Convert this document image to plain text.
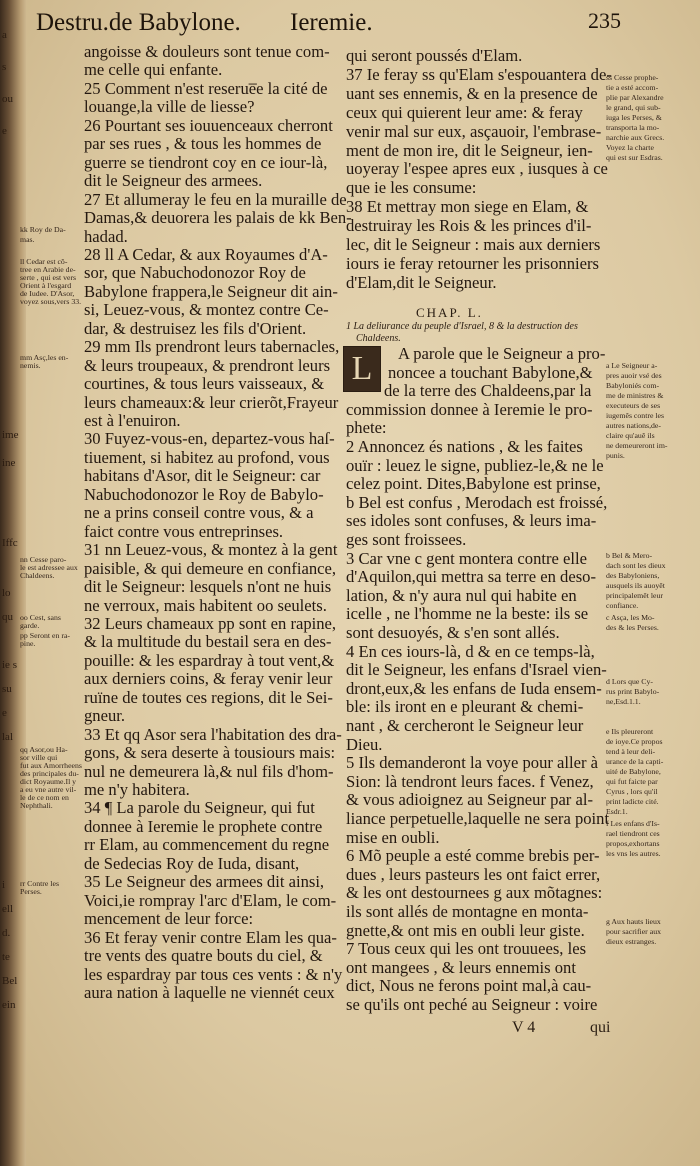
a
s
ou
e
ime
ine
Iffc
lo
qu
ie s
su
e
lal
i
ell
d.
te
Bel
ein
Destru.de Babylone. Ieremie.	235
angoisse & douleurs sont tenue com-
me celle qui enfante.
25 Comment n'est reserue̅e la cité de
louange,la ville de liesse?
26 Pourtant ses iouuenceaux cherront
par ses rues , & tous les hommes de
guerre se tiendront coy en ce iour-là,
dit le Seigneur des armees.
27 Et allumeray le feu en la muraille de
Damas,& deuorera les palais de kk Ben-
hadad.
28 ll A Cedar, & aux Royaumes d'A-
sor, que Nabuchodonozor Roy de
Babylone frappera,le Seigneur dit ain-
si, Leuez-vous, & montez contre Ce-
dar, & destruisez les fils d'Orient.
29 mm Ils prendront leurs tabernacles,
& leurs troupeaux, & prendront leurs
courtines, & tous leurs vaisseaux, &
leurs chameaux:& leur crierõt,Frayeur
est à l'enuiron.
30 Fuyez-vous-en, departez-vous haſ-
tiuement, si habitez au profond, vous
habitans d'Asor, dit le Seigneur: car
Nabuchodonozor le Roy de Babylo-
ne a prins conseil contre vous, & a
faict contre vous entreprinses.
31 nn Leuez-vous, & montez à la gent
paisible, & qui demeure en confiance,
dit le Seigneur: lesquels n'ont ne huis
ne verroux, mais habitent oo seulets.
32 Leurs chameaux pp sont en rapine,
& la multitude du bestail sera en des-
pouille: & les espardray à tout vent,&
aux derniers coins, & feray venir leur
ruïne de toutes ces regions, dit le Sei-
gneur.
33 Et qq Asor sera l'habitation des dra-
gons, & sera deserte à tousiours mais:
nul ne demeurera là,& nul fils d'hom-
me n'y habitera.
34 ¶ La parole du Seigneur, qui fut
donnee à Ieremie le prophete contre
rr Elam, au commencement du regne
de Sedecias Roy de Iuda, disant,
35 Le Seigneur des armees dit ainsi,
Voici,ie rompray l'arc d'Elam, le com-
mencement de leur force:
36 Et feray venir contre Elam les qua-
tre vents des quatre bouts du ciel, &
les espardray par tous ces vents : & n'y
aura nation à laquelle ne viennét ceux
qui seront poussés d'Elam.
37 Ie feray ss qu'Elam s'espouantera de-
uant ses ennemis, & en la presence de
ceux qui quierent leur ame: & feray
venir mal sur eux, asçauoir, l'embrase-
ment de mon ire, dit le Seigneur, ien-
uoyeray l'espee apres eux , iusques à ce
que ie les consume:
38 Et mettray mon siege en Elam, &
destruiray les Rois & les princes d'il-
lec, dit le Seigneur : mais aux derniers
iours ie feray retourner les prisonniers
d'Elam,dit le Seigneur.
CHAP. L.
1 La deliurance du peuple d'Israel, 8 & la destruction des
Chaldeens.
L	A parole que le Seigneur a pro-
noncee a touchant Babylone,&
de la terre des Chaldeens,par la
commission donnee à Ieremie le pro-
phete:
2 Annoncez és nations , & les faites
ouïr : leuez le signe, publiez-le,& ne le
celez point. Dites,Babylone est prinse,
b Bel est confus , Merodach est froissé,
ses idoles sont confuses, & leurs ima-
ges sont froissees.
3 Car vne c gent montera contre elle
d'Aquilon,qui mettra sa terre en deso-
lation, & n'y aura nul qui habite en
icelle , ne l'homme ne la beste: ils se
sont desuoyés, & s'en sont allés.
4 En ces iours-là, d & en ce temps-là,
dit le Seigneur, les enfans d'Israel vien-
dront,eux,& les enfans de Iuda ensem-
ble: ils iront en e pleurant & chemi-
nant , & cercheront le Seigneur leur
Dieu.
5 Ils demanderont la voye pour aller à
Sion: là tendront leurs faces. f Venez,
& vous adioignez au Seigneur par al-
liance perpetuelle,laquelle ne sera point
mise en oubli.
6 Mõ peuple a esté comme brebis per-
dues , leurs pasteurs les ont faict errer,
& les ont destournees g aux mõtagnes:
ils sont allés de montagne en monta-
gnette,& ont mis en oubli leur giste.
7 Tous ceux qui les ont trouuees, les
ont mangees , & leurs ennemis ont
dict, Nous ne ferons point mal,à cau-
se qu'ils ont peché au Seigneur : voire
kk Roy de Da-
mas.
ll Cedar est cõ-
tree en Arabie de-
serte , qui est vers
Orient à l'esgard
de Iudee. D'Asor,
voyez sous,vers 33.
mm Asç,les en-
nemis.
nn Cesse paro-
le est adressee aux
Chaldeens.
oo Cest, sans
garde.
pp Seront en ra-
pine.
qq Asor,ou Ha-
sor ville qui
fut aux Amorrheens
des principales du-
dict Royaume.Il y
a eu vne autre vil-
le de ce nom en
Nephthali.
rr Contre les
Perses.
ss Cesse prophe-
tie a esté accom-
plie par Alexandre
le grand, qui sub-
iuga les Perses, &
transporta la mo-
narchie aux Grecs.
Voyez la charte
qui est sur Esdras.
a Le Seigneur a-
pres auoir vsé des
Babyloniés com-
me de ministres &
executeurs de ses
iugemẽs contre les
autres nations,de-
claire qu'auẽ ils
ne demeureront im-
punis.
b Bel & Mero-
dach sont les dieux
des Babyloniens,
ausquels ils auoyẽt
principalemẽt leur
confiance.
c Asça, les Mo-
des & les Perses.
d Lors que Cy-
rus print Babylo-
ne,Esd.1.1.
e Ils pleureront
de ioye.Ce propos
tend à leur deli-
urance de la capti-
uité de Babylone,
qui fut faicte par
Cyrus , lors qu'il
print ladicte cité.
Esdr.1.
f Les enfans d'Is-
rael tiendront ces
propos,exhortans
les vns les autres.
g Aux hauts lieux
pour sacrifier aux
dieux estranges.
V 4	qui
